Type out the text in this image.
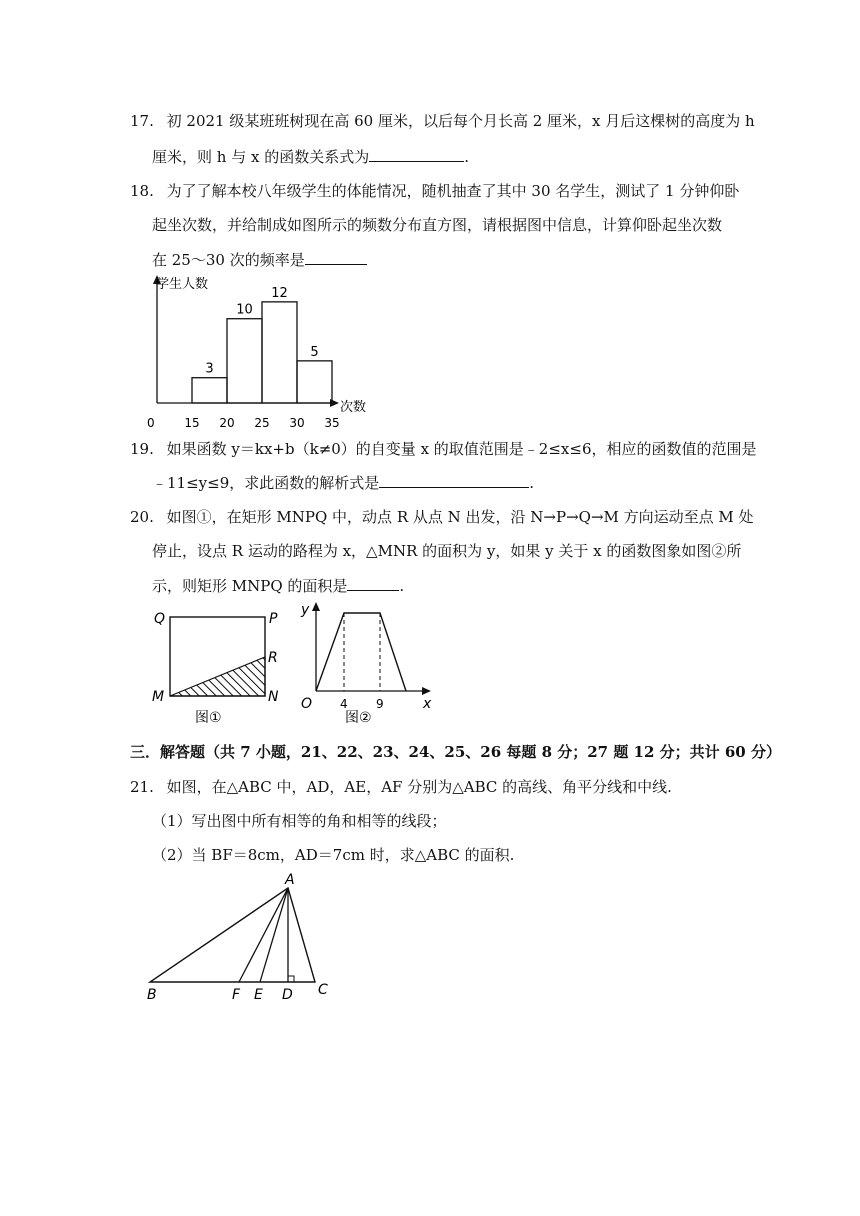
17. 初 2021 级某班班树现在高 60 厘米，以后每个月长高 2 厘米，x 月后这棵树的高度为 h
厘米，则 h 与 x 的函数关系式为	.
18. 为了了解本校八年级学生的体能情况，随机抽查了其中 30 名学生，测试了 1 分钟仰卧
起坐次数，并给制成如图所示的频数分布直方图，请根据图中信息，计算仰卧起坐次数
在 25～30 次的频率是
3
10
12
5
15 20 25 30 35
学生人数
次数
0
19. 如果函数 y＝kx+b（k≠0）的自变量 x 的取值范围是﹣2≤x≤6，相应的函数值的范围是
﹣11≤y≤9，求此函数的解析式是	.
20. 如图①，在矩形 MNPQ 中，动点 R 从点 N 出发，沿 N→P→Q→M 方向运动至点 M 处
停止，设点 R 运动的路程为 x，△MNR 的面积为 y，如果 y 关于 x 的函数图象如图②所
示，则矩形 MNPQ 的面积是	.
Q	P
R
M	N
图①
y
x
O 4 9
图②
三．解答题（共 7 小题，21、22、23、24、25、26 每题 8 分；27 题 12 分；共计 60 分）
21. 如图，在△ABC 中，AD，AE，AF 分别为△ABC 的高线、角平分线和中线.
（1）写出图中所有相等的角和相等的线段；
（2）当 BF＝8cm，AD＝7cm 时，求△ABC 的面积.
A
B	F E D C
